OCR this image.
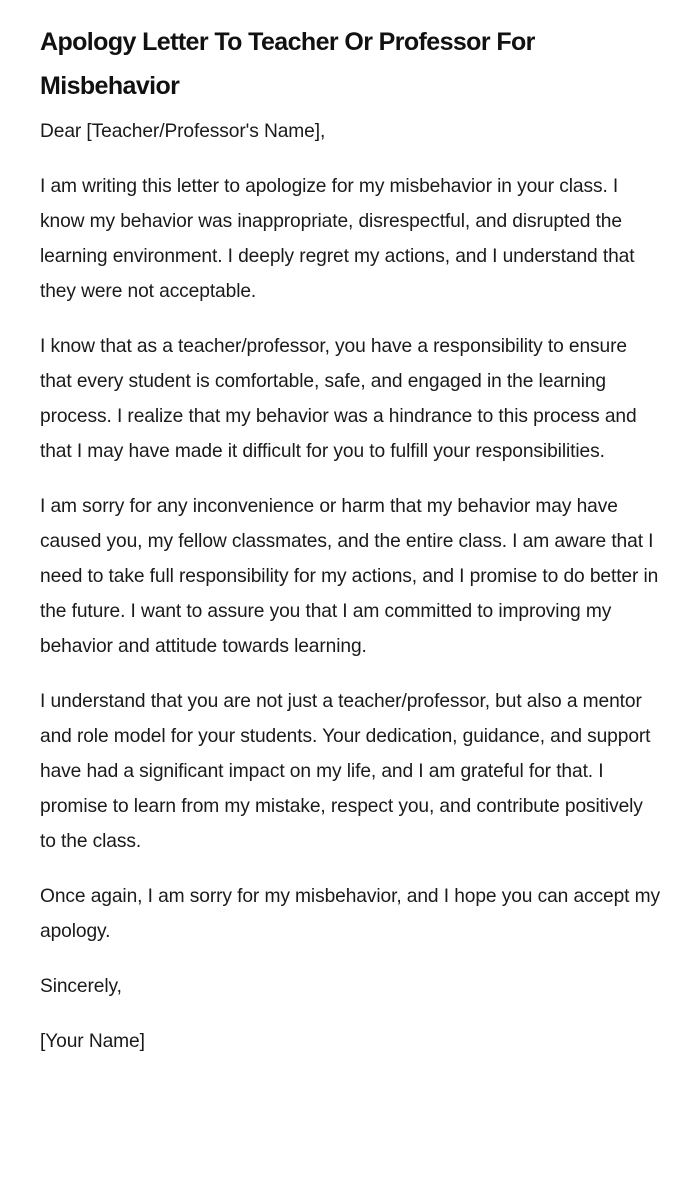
Apology Letter To Teacher Or Professor For Misbehavior

Dear [Teacher/Professor's Name],

I am writing this letter to apologize for my misbehavior in your class. I know my behavior was inappropriate, disrespectful, and disrupted the learning environment. I deeply regret my actions, and I understand that they were not acceptable.

I know that as a teacher/professor, you have a responsibility to ensure that every student is comfortable, safe, and engaged in the learning process. I realize that my behavior was a hindrance to this process and that I may have made it difficult for you to fulfill your responsibilities.

I am sorry for any inconvenience or harm that my behavior may have caused you, my fellow classmates, and the entire class. I am aware that I need to take full responsibility for my actions, and I promise to do better in the future. I want to assure you that I am committed to improving my behavior and attitude towards learning.

I understand that you are not just a teacher/professor, but also a mentor and role model for your students. Your dedication, guidance, and support have had a significant impact on my life, and I am grateful for that. I promise to learn from my mistake, respect you, and contribute positively to the class.

Once again, I am sorry for my misbehavior, and I hope you can accept my apology.

Sincerely,

[Your Name]
